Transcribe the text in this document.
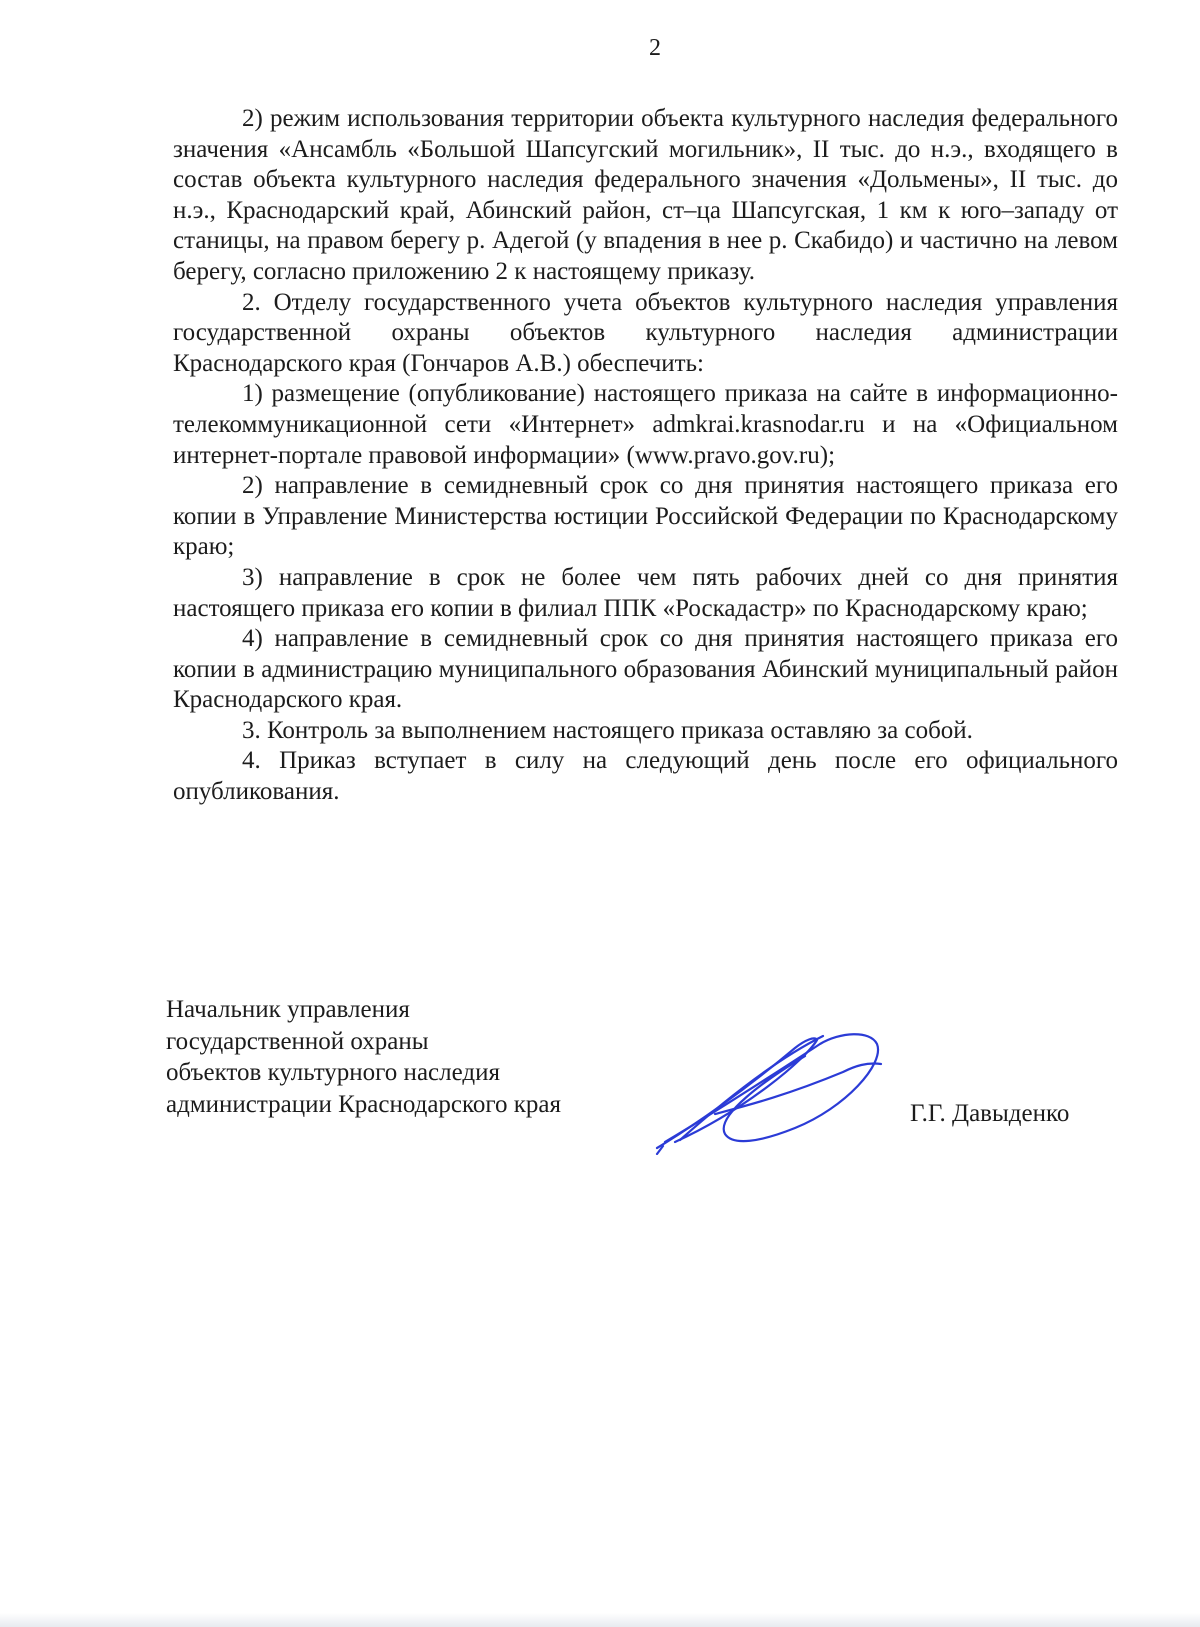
2

2) режим использования территории объекта культурного наследия федерального значения «Ансамбль «Большой Шапсугский могильник», II тыс. до н.э., входящего в состав объекта культурного наследия федерального значения «Дольмены», II тыс. до н.э., Краснодарский край, Абинский район, ст–ца Шапсугская, 1 км к юго–западу от станицы, на правом берегу р. Адегой (у впадения в нее р. Скабидо) и частично на левом берегу, согласно приложению 2 к настоящему приказу.

2. Отделу государственного учета объектов культурного наследия управления государственной охраны объектов культурного наследия администрации Краснодарского края (Гончаров А.В.) обеспечить:

1) размещение (опубликование) настоящего приказа на сайте в информационно-телекоммуникационной сети «Интернет» admkrai.krasnodar.ru и на «Официальном интернет-портале правовой информации» (www.pravo.gov.ru);

2) направление в семидневный срок со дня принятия настоящего приказа его копии в Управление Министерства юстиции Российской Федерации по Краснодарскому краю;

3) направление в срок не более чем пять рабочих дней со дня принятия настоящего приказа его копии в филиал ППК «Роскадастр» по Краснодарскому краю;

4) направление в семидневный срок со дня принятия настоящего приказа его копии в администрацию муниципального образования Абинский муниципальный район Краснодарского края.

3. Контроль за выполнением настоящего приказа оставляю за собой.

4. Приказ вступает в силу на следующий день после его официального опубликования.

Начальник управления
государственной охраны
объектов культурного наследия
администрации Краснодарского края	Г.Г. Давыденко
